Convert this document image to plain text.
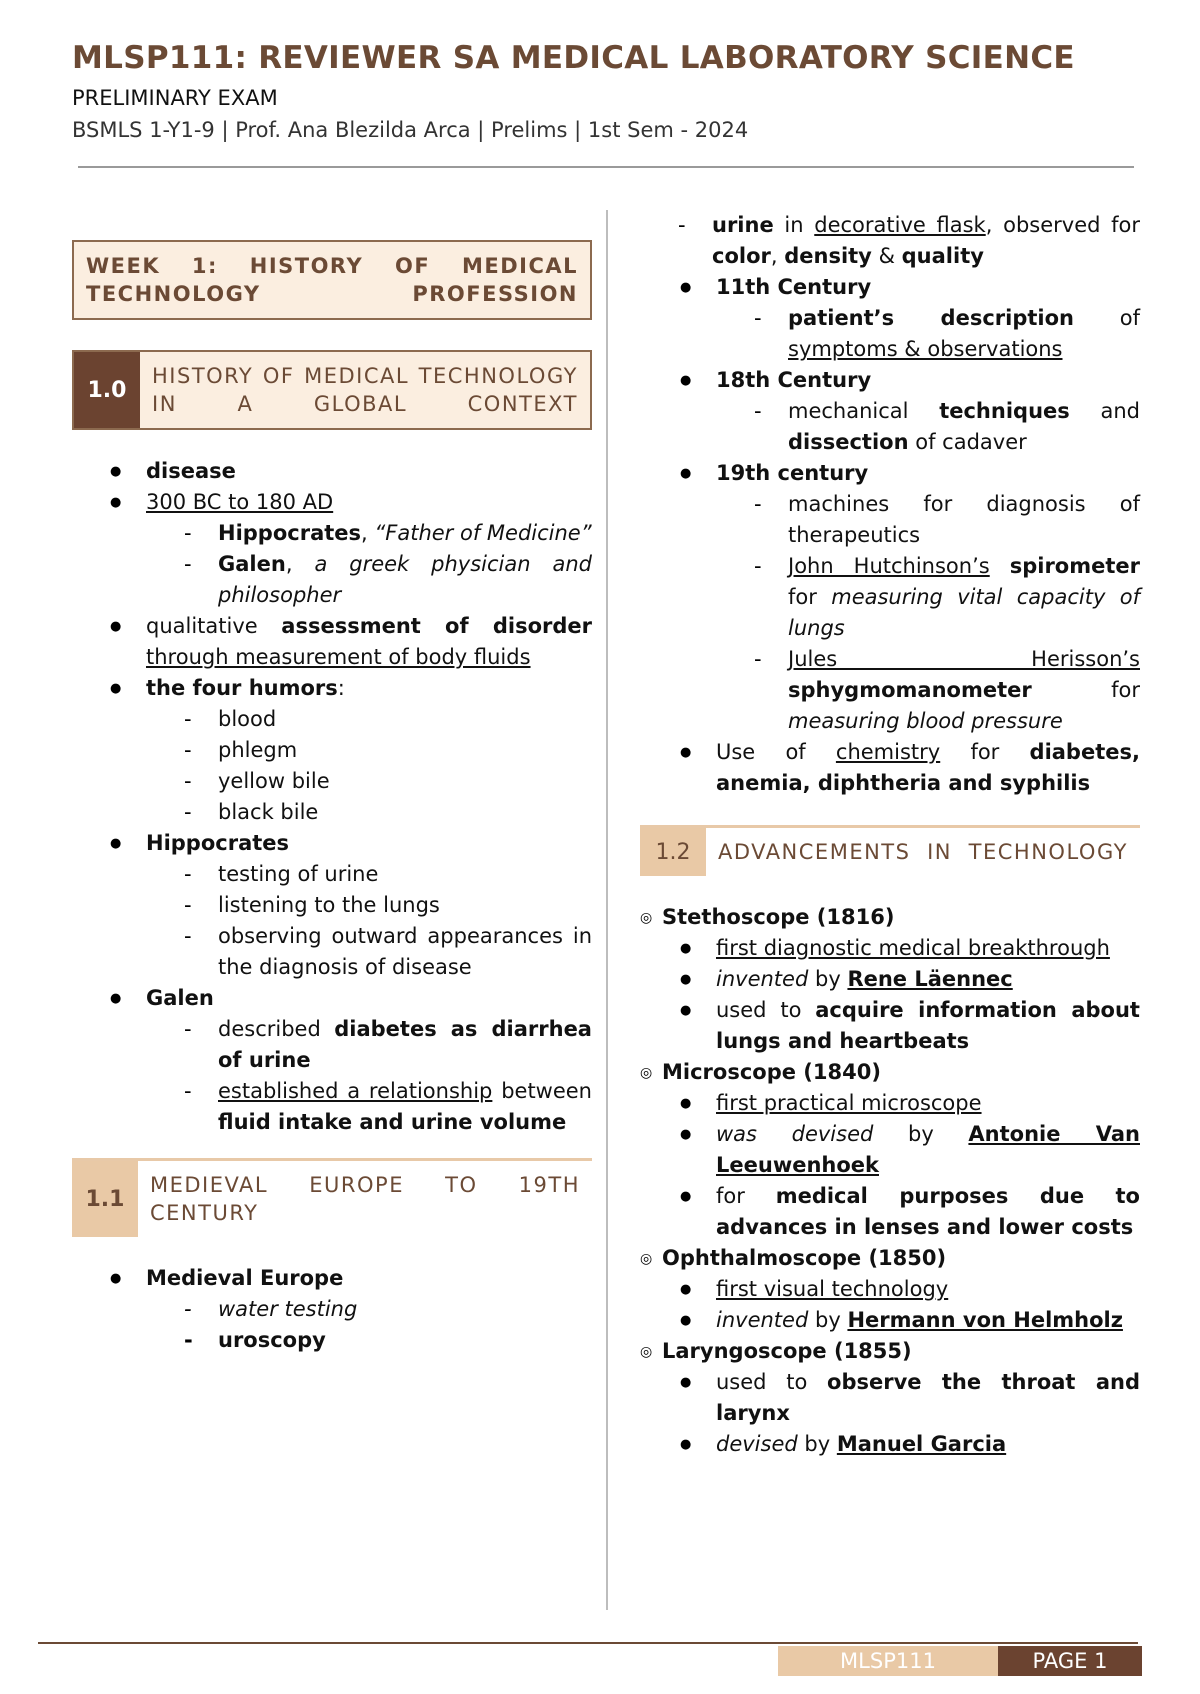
MLSP111: REVIEWER SA MEDICAL LABORATORY SCIENCE
PRELIMINARY EXAM
BSMLS 1-Y1-9 | Prof. Ana Blezilda Arca | Prelims | 1st Sem - 2024
WEEK 1: HISTORY OF MEDICAL TECHNOLOGY PROFESSION
1.0
HISTORY OF MEDICAL TECHNOLOGY IN A GLOBAL CONTEXT
● disease
● 300 BC to 180 AD
- Hippocrates, “Father of Medicine”
- Galen, a greek physician and philosopher
● qualitative assessment of disorder through measurement of body fluids
● the four humors:
- blood
- phlegm
- yellow bile
- black bile
● Hippocrates
- testing of urine
- listening to the lungs
- observing outward appearances in the diagnosis of disease
● Galen
- described diabetes as diarrhea of urine
- established a relationship between fluid intake and urine volume
1.1
MEDIEVAL EUROPE TO 19TH CENTURY
● Medieval Europe
- water testing
- uroscopy
- urine in decorative flask, observed for color, density & quality
● 11th Century
- patient’s description of symptoms & observations
● 18th Century
- mechanical techniques and dissection of cadaver
● 19th century
- machines for diagnosis of therapeutics
- John Hutchinson’s spirometer for measuring vital capacity of lungs
- Jules Herisson’s sphygmomanometer	for measuring blood pressure
● Use of chemistry for diabetes, anemia, diphtheria and syphilis
1.2	ADVANCEMENTS IN TECHNOLOGY
◎ Stethoscope (1816)
● first diagnostic medical breakthrough
● invented by Rene Läennec
● used to acquire information about lungs and heartbeats
◎ Microscope (1840)
● first practical microscope
● was devised by Antonie Van Leeuwenhoek
● for medical purposes due to advances in lenses and lower costs
◎ Ophthalmoscope (1850)
● first visual technology
● invented by Hermann von Helmholz
◎ Laryngoscope (1855)
● used to observe the throat and larynx
● devised by Manuel Garcia
MLSP111	PAGE 1
